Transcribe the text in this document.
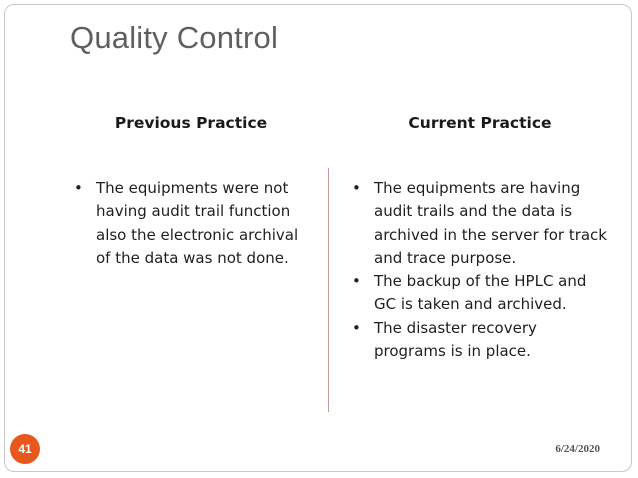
Quality Control
Previous Practice	Current Practice
• The equipments were not having audit trail function also the electronic archival of the data was not done.
• The equipments are having audit trails and the data is archived in the server for track and trace purpose.
• The backup of the HPLC and GC is taken and archived.
• The disaster recovery programs is in place.
41	6/24/2020
